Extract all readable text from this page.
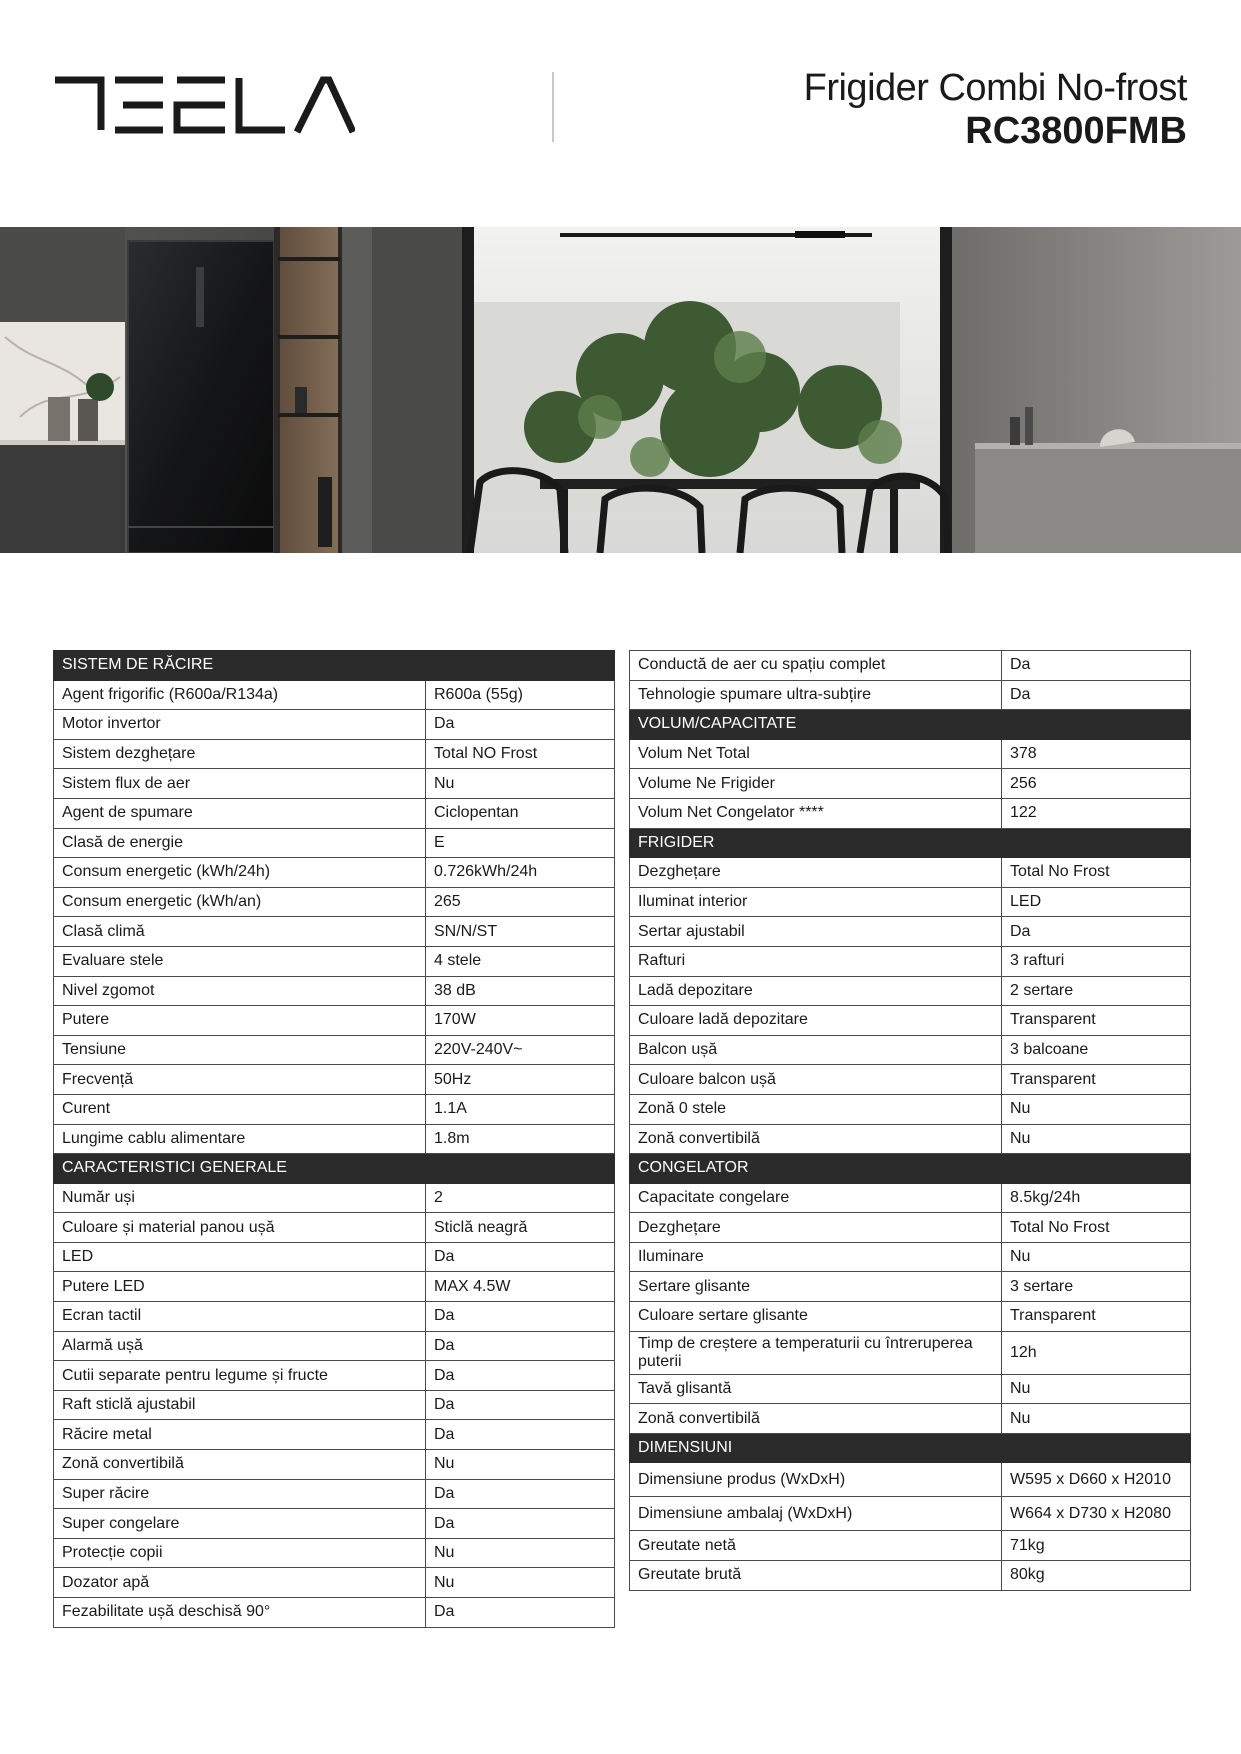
Frigider Combi No-frost
RC3800FMB
SISTEM DE RĂCIRE	
Agent frigorific (R600a/R134a)	R600a (55g)
Motor invertor	Da
Sistem dezghețare	Total NO Frost
Sistem flux de aer	Nu
Agent de spumare	Ciclopentan
Clasă de energie	E
Consum energetic (kWh/24h)	0.726kWh/24h
Consum energetic (kWh/an)	265
Clasă climă	SN/N/ST
Evaluare stele	4 stele
Nivel zgomot	38 dB
Putere	170W
Tensiune	220V-240V~
Frecvență	50Hz
Curent	1.1A
Lungime cablu alimentare	1.8m
CARACTERISTICI GENERALE	
Număr uși	2
Culoare și material panou ușă	Sticlă neagră
LED	Da
Putere LED	MAX 4.5W
Ecran tactil	Da
Alarmă ușă	Da
Cutii separate pentru legume și fructe	Da
Raft sticlă ajustabil	Da
Răcire metal	Da
Zonă convertibilă	Nu
Super răcire	Da
Super congelare	Da
Protecție copii	Nu
Dozator apă	Nu
Fezabilitate ușă deschisă 90°	Da
Conductă de aer cu spațiu complet	Da
Tehnologie spumare ultra-subțire	Da
VOLUM/CAPACITATE	
Volum Net Total	378
Volume Ne Frigider	256
Volum Net Congelator ****	122
FRIGIDER	
Dezghețare	Total No Frost
Iluminat interior	LED
Sertar ajustabil	Da
Rafturi	3 rafturi
Ladă depozitare	2 sertare
Culoare ladă depozitare	Transparent
Balcon ușă	3 balcoane
Culoare balcon ușă	Transparent
Zonă 0 stele	Nu
Zonă convertibilă	Nu
CONGELATOR	
Capacitate congelare	8.5kg/24h
Dezghețare	Total No Frost
Iluminare	Nu
Sertare glisante	3 sertare
Culoare sertare glisante	Transparent
Timp de creștere a temperaturii cu întreruperea puterii	12h
Tavă glisantă	Nu
Zonă convertibilă	Nu
DIMENSIUNI	
Dimensiune produs (WxDxH)	W595 x D660 x H2010
Dimensiune ambalaj (WxDxH)	W664 x D730 x H2080
Greutate netă	71kg
Greutate brută	80kg
